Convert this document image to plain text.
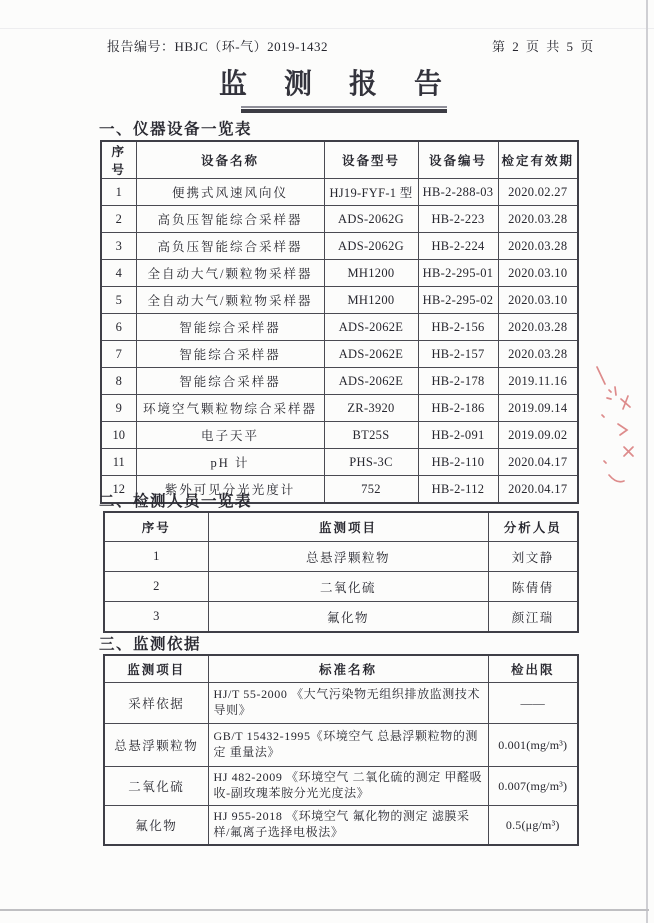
报告编号：HBJC（环-气）2019-1432	第 2 页 共 5 页
监 测 报 告
一、仪器设备一览表
序号	设备名称	设备型号	设备编号	检定有效期
1	便携式风速风向仪	HJ19-FYF-1 型	HB-2-288-03	2020.02.27
2	高负压智能综合采样器	ADS-2062G	HB-2-223	2020.03.28
3	高负压智能综合采样器	ADS-2062G	HB-2-224	2020.03.28
4	全自动大气/颗粒物采样器	MH1200	HB-2-295-01	2020.03.10
5	全自动大气/颗粒物采样器	MH1200	HB-2-295-02	2020.03.10
6	智能综合采样器	ADS-2062E	HB-2-156	2020.03.28
7	智能综合采样器	ADS-2062E	HB-2-157	2020.03.28
8	智能综合采样器	ADS-2062E	HB-2-178	2019.11.16
9	环境空气颗粒物综合采样器	ZR-3920	HB-2-186	2019.09.14
10	电子天平	BT25S	HB-2-091	2019.09.02
11	pH 计	PHS-3C	HB-2-110	2020.04.17
12	紫外可见分光光度计	752	HB-2-112	2020.04.17
二、检测人员一览表
序号	监测项目	分析人员
1	总悬浮颗粒物	刘文静
2	二氧化硫	陈倩倩
3	氟化物	颜江瑞
三、监测依据
监测项目	标准名称	检出限
采样依据	HJ/T 55-2000 《大气污染物无组织排放监测技术导则》	——
总悬浮颗粒物	GB/T 15432-1995《环境空气 总悬浮颗粒物的测定 重量法》	0.001(mg/m³)
二氧化硫	HJ 482-2009 《环境空气 二氧化硫的测定 甲醛吸收-副玫瑰苯胺分光光度法》	0.007(mg/m³)
氟化物	HJ 955-2018 《环境空气 氟化物的测定 滤膜采样/氟离子选择电极法》	0.5(μg/m³)
